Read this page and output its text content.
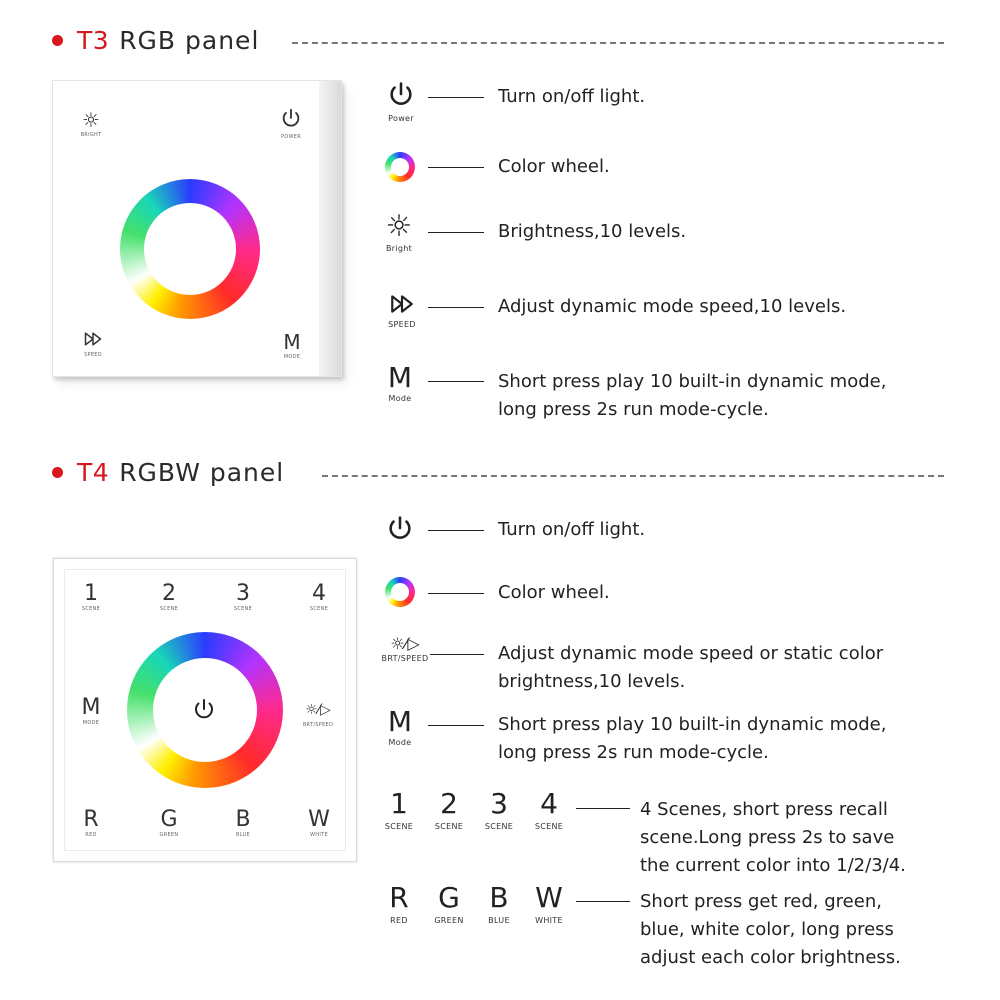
T3 RGB panel
☼
BRIGHT	POWER
SPEED
M
MODE
Power
Turn on/off light.
Color wheel.
☼
Bright
Brightness,10 levels.
SPEED
Adjust dynamic mode speed,10 levels.
M
Mode
Short press play 10 built-in dynamic mode,
long press 2s run mode-cycle.
T4 RGBW panel
1
SCENE
2
SCENE
3
SCENE
4
SCENE
M
MODE
☼⁄▷
BRT/SPEED
R
RED
G
GREEN
B
BLUE
W
WHITE
Turn on/off light.
Color wheel.
☼⁄▷
BRT/SPEED	Adjust dynamic mode speed or static color
brightness,10 levels.
M
Mode
Short press play 10 built-in dynamic mode,
long press 2s run mode-cycle.
1
SCENE
2
SCENE
3
SCENE
4
SCENE
4 Scenes, short press recall
scene.Long press 2s to save
the current color into 1/2/3/4.
R
RED
G
GREEN
B
BLUE
W
WHITE
Short press get red, green,
blue, white color, long press
adjust each color brightness.
